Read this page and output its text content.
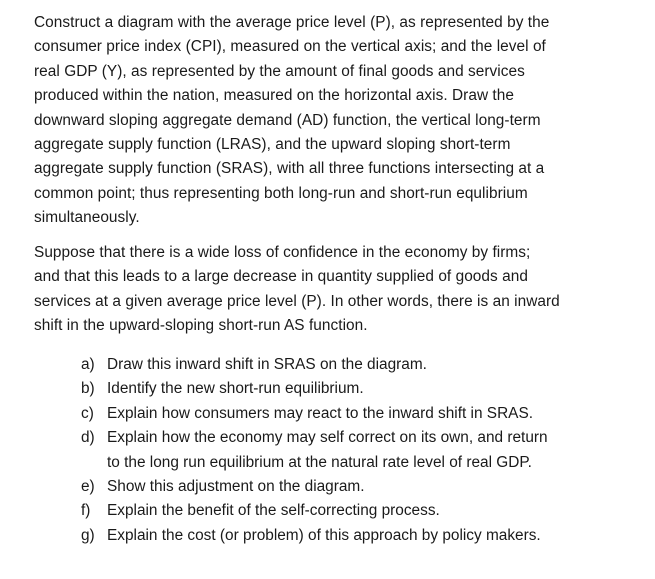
Construct a diagram with the average price level (P), as represented by the
consumer price index (CPI), measured on the vertical axis; and the level of
real GDP (Y), as represented by the amount of final goods and services
produced within the nation, measured on the horizontal axis. Draw the
downward sloping aggregate demand (AD) function, the vertical long-term
aggregate supply function (LRAS), and the upward sloping short-term
aggregate supply function (SRAS), with all three functions intersecting at a
common point; thus representing both long-run and short-run equlibrium
simultaneously.

Suppose that there is a wide loss of confidence in the economy by firms;
and that this leads to a large decrease in quantity supplied of goods and
services at a given average price level (P). In other words, there is an inward
shift in the upward-sloping short-run AS function.

a) Draw this inward shift in SRAS on the diagram.
b) Identify the new short-run equilibrium.
c) Explain how consumers may react to the inward shift in SRAS.
d) Explain how the economy may self correct on its own, and return
to the long run equilibrium at the natural rate level of real GDP.
e) Show this adjustment on the diagram.
f) Explain the benefit of the self-correcting process.
g) Explain the cost (or problem) of this approach by policy makers.
